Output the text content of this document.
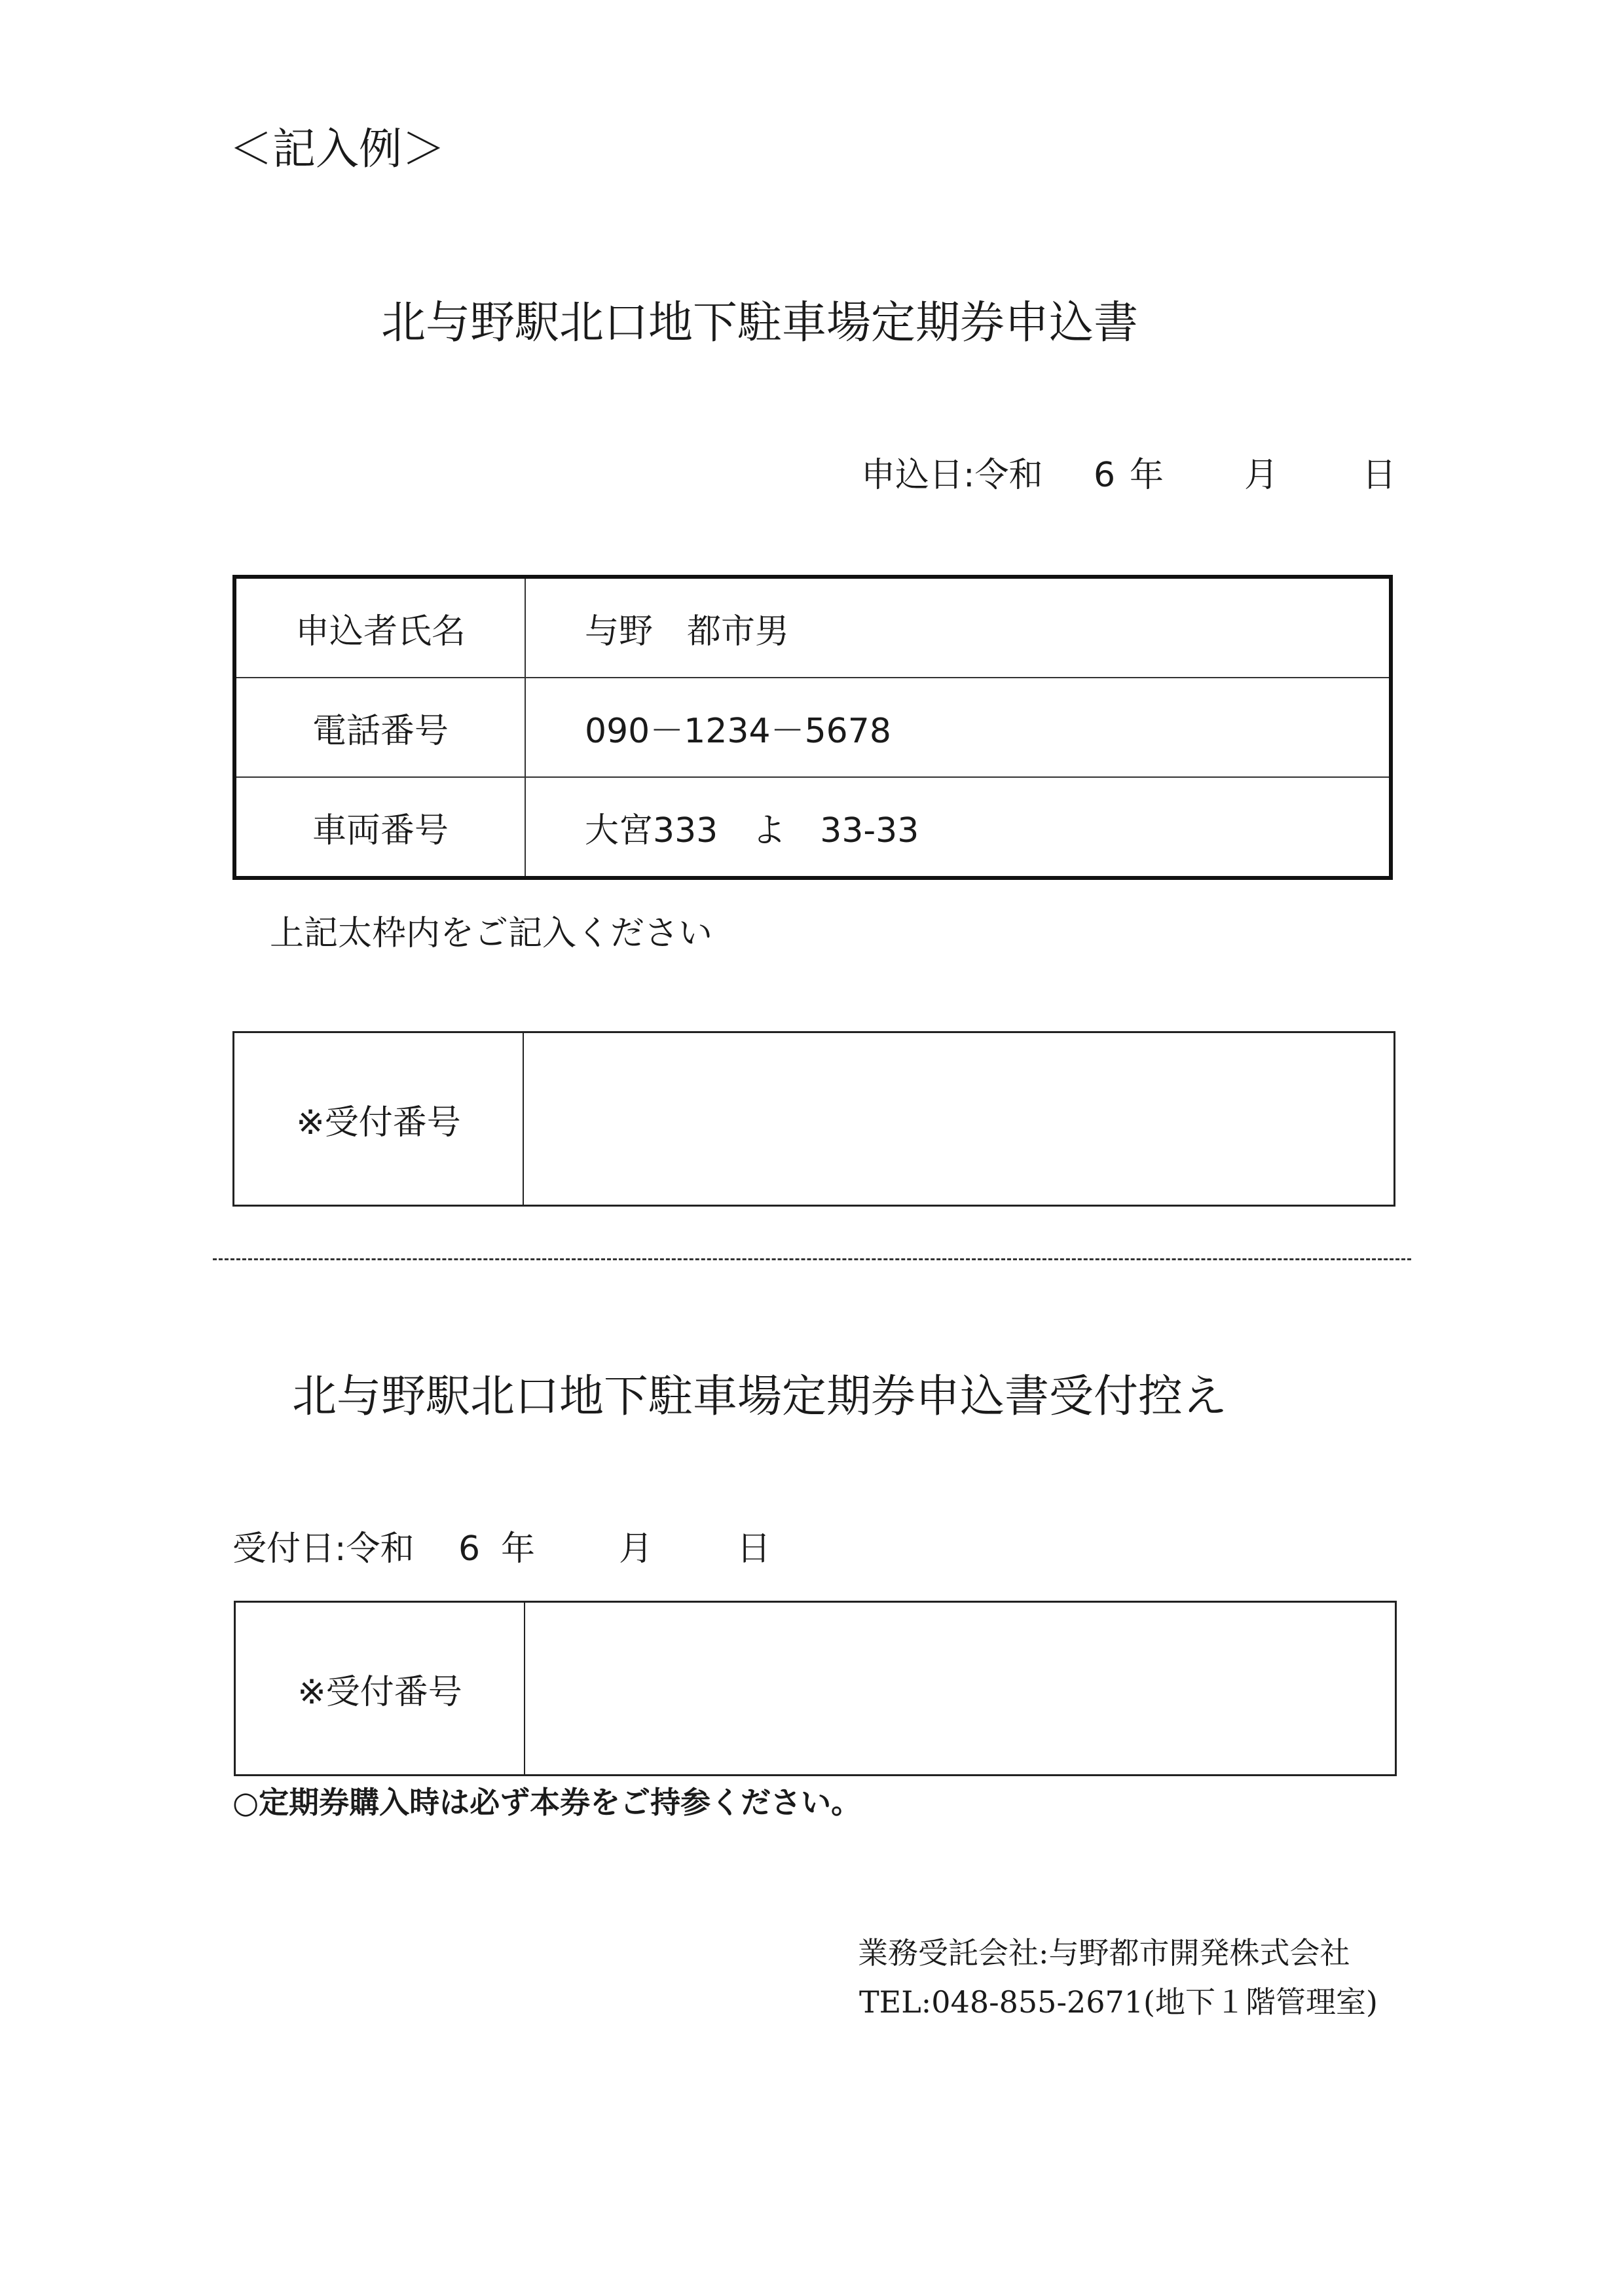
＜記入例＞
北与野駅北口地下駐車場定期券申込書

申込日:令和

6

年

月

日

申込者氏名	与野　都市男
電話番号	090－1234－5678
車両番号	大宮333　よ　33-33
上記太枠内をご記入ください
※受付番号	
北与野駅北口地下駐車場定期券申込書受付控え

受付日:令和

6

年

月

日

※受付番号	
○定期券購入時は必ず本券をご持参ください。
業務受託会社:与野都市開発株式会社
TEL:048-855-2671(地下１階管理室)
